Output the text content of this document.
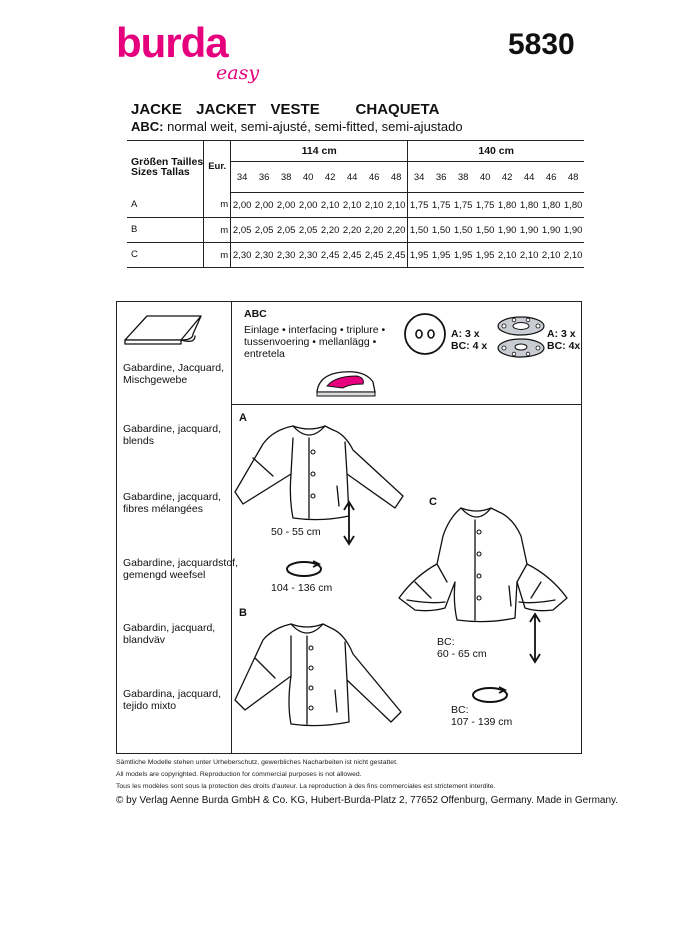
burda
easy
5830
JACKE  JACKET  VESTE     CHAQUETA
ABC: normal weit, semi-ajusté, semi-fitted, semi-ajustado
Größen Tailles
Sizes Tallas	Eur.	114 cm								140 cm							
		34	36	38	40	42	44	46	48	34	36	38	40	42	44	46	48
A	m	2,00	2,00	2,00	2,00	2,10	2,10	2,10	2,10	1,75	1,75	1,75	1,75	1,80	1,80	1,80	1,80
B	m	2,05	2,05	2,05	2,05	2,20	2,20	2,20	2,20	1,50	1,50	1,50	1,50	1,90	1,90	1,90	1,90
C	m	2,30	2,30	2,30	2,30	2,45	2,45	2,45	2,45	1,95	1,95	1,95	1,95	2,10	2,10	2,10	2,10
Gabardine, Jacquard,
Mischgewebe
Gabardine, jacquard,
blends
Gabardine, jacquard,
fibres mélangées
Gabardine, jacquardstof,
gemengd weefsel
Gabardin, jacquard,
blandväv
Gabardina, jacquard,
tejido mixto
ABC
Einlage • interfacing • triplure •
tussenvoering • mellanlägg •
entretela
A: 3 x
BC: 4 x
A: 3 x
BC: 4x
A
B
C
50 - 55 cm
104 - 136 cm
BC:
60 - 65 cm
BC:
107 - 139 cm
Sämtliche Modelle stehen unter Urheberschutz, gewerbliches Nacharbeiten ist nicht gestattet.
All models are copyrighted. Reproduction for commercial purposes is not allowed.
Tous les modèles sont sous la protection des droits d'auteur. La reproduction à des fins commerciales est strictement interdite.
© by Verlag Aenne Burda GmbH & Co. KG, Hubert-Burda-Platz 2, 77652 Offenburg, Germany. Made in Germany.
